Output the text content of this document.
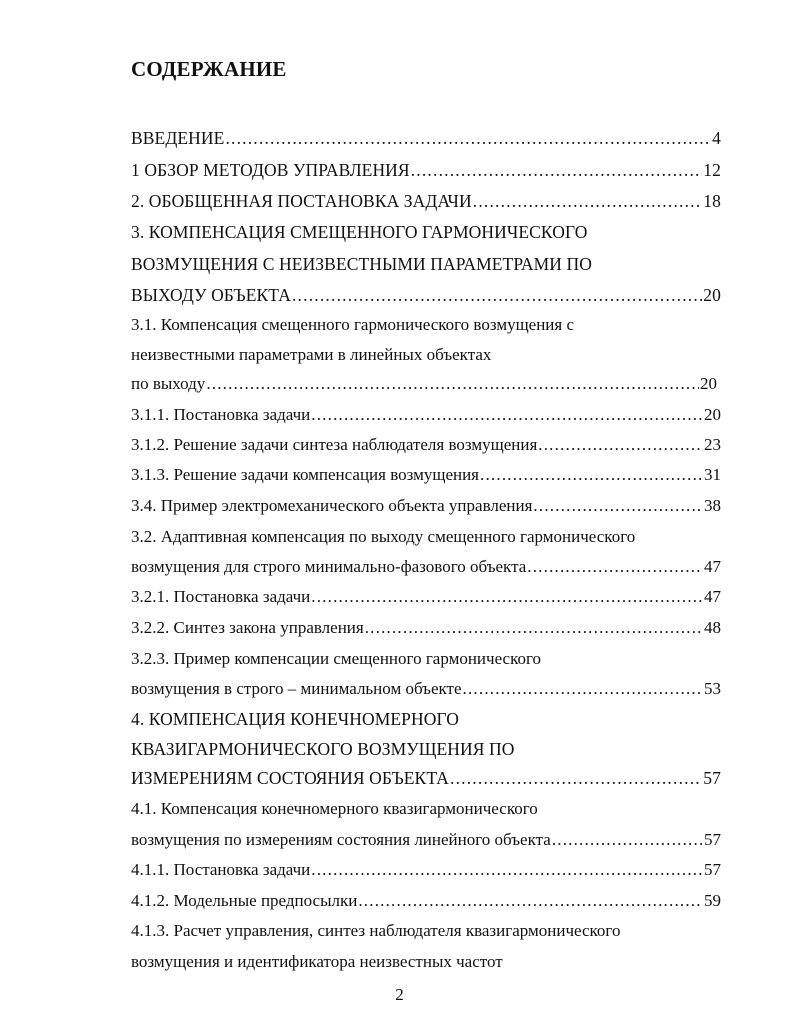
СОДЕРЖАНИЕ
ВВЕДЕНИЕ .....	4
1 ОБЗОР МЕТОДОВ УПРАВЛЕНИЯ .....	12
2. ОБОБЩЕННАЯ ПОСТАНОВКА ЗАДАЧИ .....	18
3. КОМПЕНСАЦИЯ СМЕЩЕННОГО ГАРМОНИЧЕСКОГО
ВОЗМУЩЕНИЯ С НЕИЗВЕСТНЫМИ ПАРАМЕТРАМИ ПО
ВЫХОДУ ОБЪЕКТА .....	20
3.1. Компенсация смещенного гармонического возмущения с
неизвестными параметрами в линейных объектах
по выходу .....	20
3.1.1. Постановка задачи .....	20
3.1.2. Решение задачи синтеза наблюдателя возмущения .....	23
3.1.3. Решение задачи компенсация возмущения .....	31
3.4. Пример электромеханического объекта управления .....	38
3.2. Адаптивная компенсация по выходу смещенного гармонического
возмущения для строго минимально-фазового объекта .....	47
3.2.1. Постановка задачи .....	47
3.2.2. Синтез закона управления .....	48
3.2.3. Пример компенсации смещенного гармонического
возмущения в строго – минимальном объекте .....	53
4. КОМПЕНСАЦИЯ КОНЕЧНОМЕРНОГО
КВАЗИГАРМОНИЧЕСКОГО ВОЗМУЩЕНИЯ ПО
ИЗМЕРЕНИЯМ СОСТОЯНИЯ ОБЪЕКТА .....	57
4.1. Компенсация конечномерного квазигармонического
возмущения по измерениям состояния линейного объекта .....	57
4.1.1. Постановка задачи .....	57
4.1.2. Модельные предпосылки .....	59
4.1.3. Расчет управления, синтез наблюдателя квазигармонического
возмущения и идентификатора неизвестных частот
2
